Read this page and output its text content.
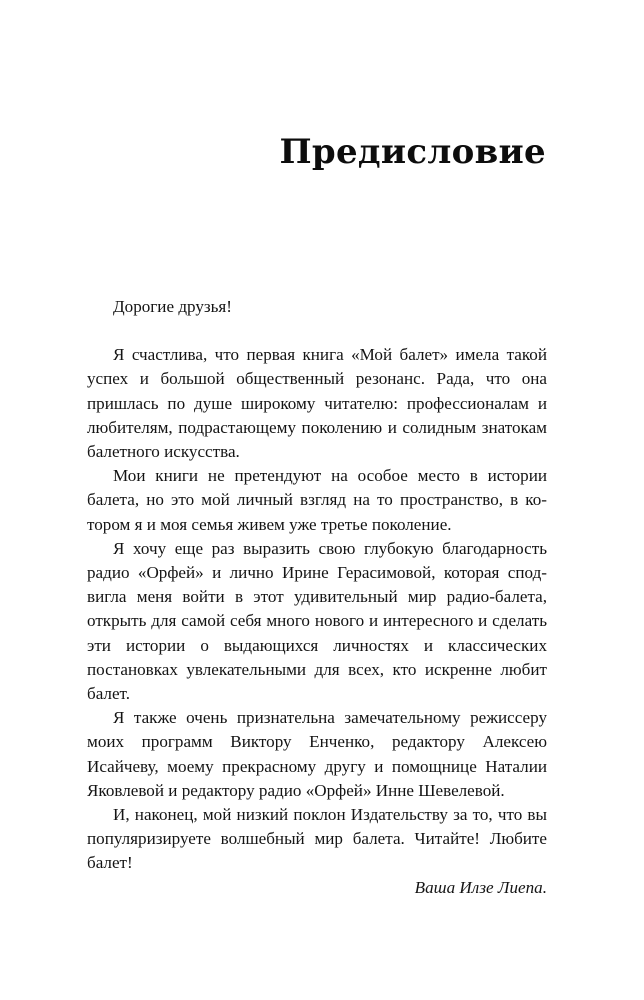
Предисловие

Дорогие друзья!

Я счастлива, что первая книга «Мой балет» имела такой успех и большой общественный резонанс. Рада, что она пришлась по душе широкому читателю: профессионалам и любителям, подрастающему поколению и солидным знатокам балетного искусства.

Мои книги не претендуют на особое место в истории балета, но это мой личный взгляд на то пространство, в котором я и моя семья живем уже третье поколение.

Я хочу еще раз выразить свою глубокую благодарность радио «Орфей» и лично Ирине Герасимовой, которая сподвигла меня войти в этот удивительный мир радио-балета, открыть для самой себя много нового и интересного и сделать эти истории о выдающихся личностях и классических постановках увлекательными для всех, кто искренне любит балет.

Я также очень признательна замечательному режиссеру моих программ Виктору Енченко, редактору Алексею Исайчеву, моему прекрасному другу и помощнице Наталии Яковлевой и редактору радио «Орфей» Инне Шевелевой.

И, наконец, мой низкий поклон Издательству за то, что вы популяризируете волшебный мир балета. Читайте! Любите балет!

Ваша Илзе Лиепа.
